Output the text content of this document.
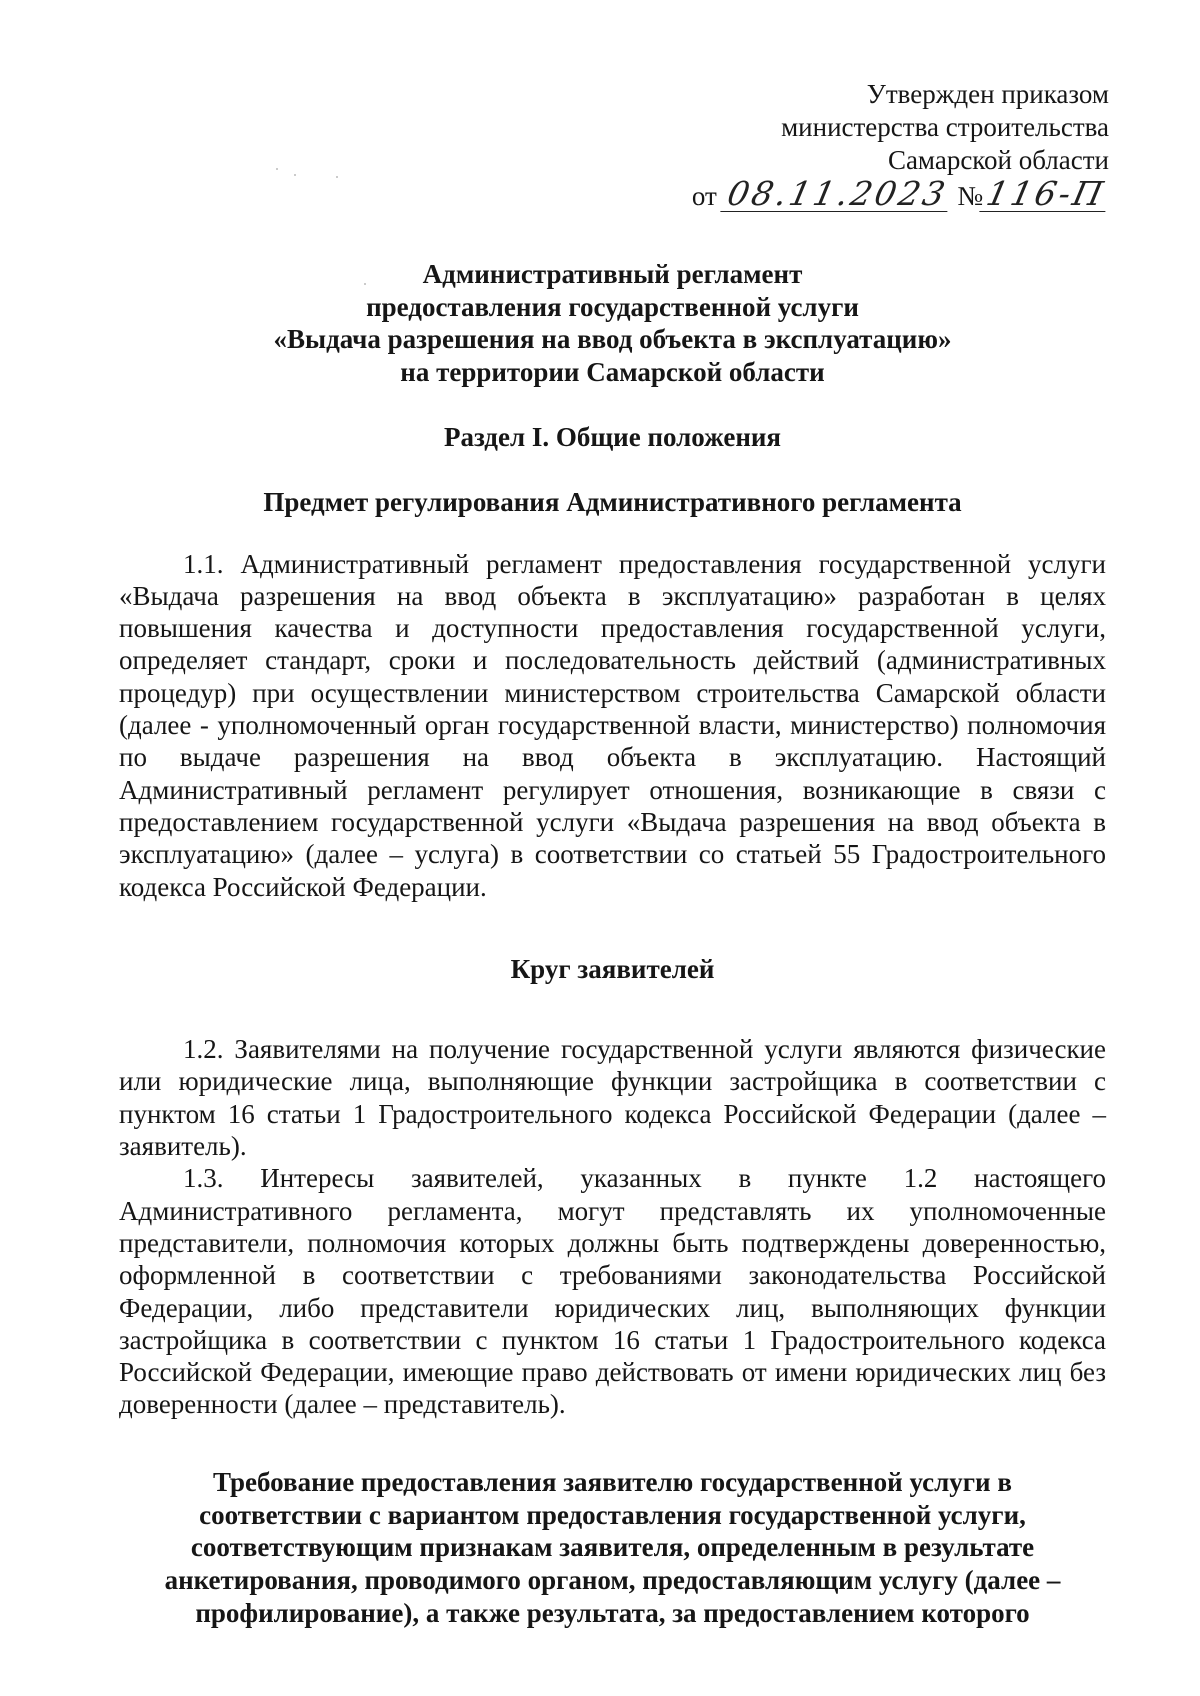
Утвержден приказом
министерства строительства
Самарской области
от 08.11.2023 №116-П
Административный регламент
предоставления государственной услуги
«Выдача разрешения на ввод объекта в эксплуатацию»
на территории Самарской области

Раздел I. Общие положения

Предмет регулирования Административного регламента

1.1. Административный регламент предоставления государственной услуги «Выдача разрешения на ввод объекта в эксплуатацию» разработан в целях повышения качества и доступности предоставления государственной услуги, определяет стандарт, сроки и последовательность действий (административных процедур) при осуществлении министерством строительства Самарской области (далее - уполномоченный орган государственной власти, министерство) полномочия по выдаче разрешения на ввод объекта в эксплуатацию. Настоящий Административный регламент регулирует отношения, возникающие в связи с предоставлением государственной услуги «Выдача разрешения на ввод объекта в эксплуатацию» (далее – услуга) в соответствии со статьей 55 Градостроительного кодекса Российской Федерации.

Круг заявителей

1.2. Заявителями на получение государственной услуги являются физические или юридические лица, выполняющие функции застройщика в соответствии с пунктом 16 статьи 1 Градостроительного кодекса Российской Федерации (далее – заявитель).

1.3. Интересы заявителей, указанных в пункте 1.2 настоящего Административного регламента, могут представлять их уполномоченные представители, полномочия которых должны быть подтверждены доверенностью, оформленной в соответствии с требованиями законодательства Российской Федерации, либо представители юридических лиц, выполняющих функции застройщика в соответствии с пунктом 16 статьи 1 Градостроительного кодекса Российской Федерации, имеющие право действовать от имени юридических лиц без доверенности (далее – представитель).

Требование предоставления заявителю государственной услуги в
соответствии с вариантом предоставления государственной услуги,
соответствующим признакам заявителя, определенным в результате
анкетирования, проводимого органом, предоставляющим услугу (далее –
профилирование), а также результата, за предоставлением которого
